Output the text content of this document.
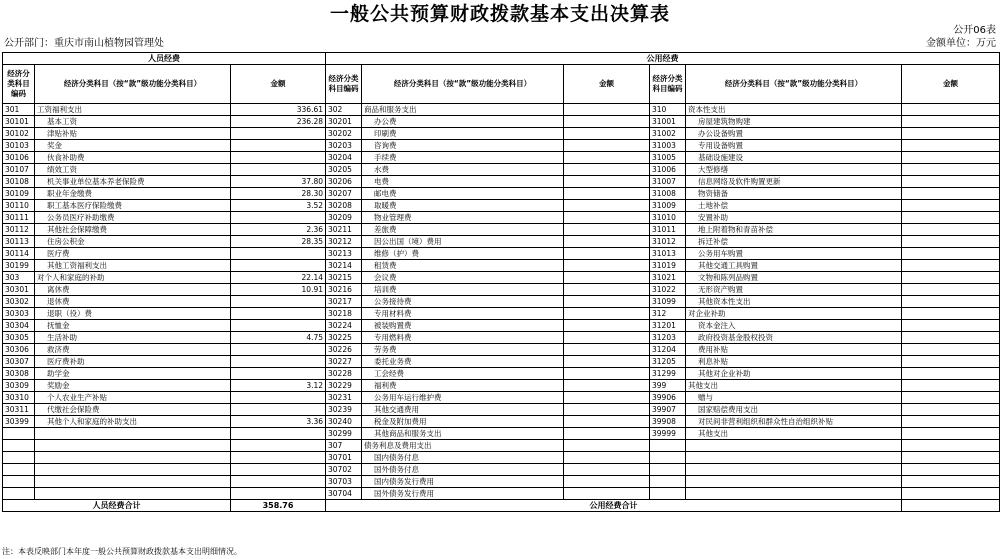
一般公共预算财政拨款基本支出决算表
公开06表
公开部门：重庆市南山植物园管理处	金额单位：万元
人员经费			公用经费					
经济分类科目编码	经济分类科目（按“款”级功能分类科目）	金额	经济分类科目编码	经济分类科目（按“款”级功能分类科目）	金额	经济分类科目编码	经济分类科目（按“款”级功能分类科目）	金额
301	工资福利支出	336.61	302	商品和服务支出		310	资本性支出	
30101	基本工资	236.28	30201	办公费		31001	房屋建筑物购建	
30102	津贴补贴		30202	印刷费		31002	办公设备购置	
30103	奖金		30203	咨询费		31003	专用设备购置	
30106	伙食补助费		30204	手续费		31005	基础设施建设	
30107	绩效工资		30205	水费		31006	大型修缮	
30108	机关事业单位基本养老保险费	37.80	30206	电费		31007	信息网络及软件购置更新	
30109	职业年金缴费	28.30	30207	邮电费		31008	物资储备	
30110	职工基本医疗保险缴费	3.52	30208	取暖费		31009	土地补偿	
30111	公务员医疗补助缴费		30209	物业管理费		31010	安置补助	
30112	其他社会保障缴费	2.36	30211	差旅费		31011	地上附着物和青苗补偿	
30113	住房公积金	28.35	30212	因公出国（境）费用		31012	拆迁补偿	
30114	医疗费		30213	维修（护）费		31013	公务用车购置	
30199	其他工资福利支出		30214	租赁费		31019	其他交通工具购置	
303	对个人和家庭的补助	22.14	30215	会议费		31021	文物和陈列品购置	
30301	离休费	10.91	30216	培训费		31022	无形资产购置	
30302	退休费		30217	公务接待费		31099	其他资本性支出	
30303	退职（役）费		30218	专用材料费		312	对企业补助	
30304	抚恤金		30224	被装购置费		31201	资本金注入	
30305	生活补助	4.75	30225	专用燃料费		31203	政府投资基金股权投资	
30306	救济费		30226	劳务费		31204	费用补贴	
30307	医疗费补助		30227	委托业务费		31205	利息补贴	
30308	助学金		30228	工会经费		31299	其他对企业补助	
30309	奖励金	3.12	30229	福利费		399	其他支出	
30310	个人农业生产补贴		30231	公务用车运行维护费		39906	赠与	
30311	代缴社会保险费		30239	其他交通费用		39907	国家赔偿费用支出	
30399	其他个人和家庭的补助支出	3.36	30240	税金及附加费用		39908	对民间非营利组织和群众性自治组织补贴	
			30299	其他商品和服务支出		39999	其他支出	
			307	债务利息及费用支出				
			30701	国内债务付息				
			30702	国外债务付息				
			30703	国内债务发行费用				
			30704	国外债务发行费用				
人员经费合计		358.76	公用经费合计					
注：本表反映部门本年度一般公共预算财政拨款基本支出明细情况。
